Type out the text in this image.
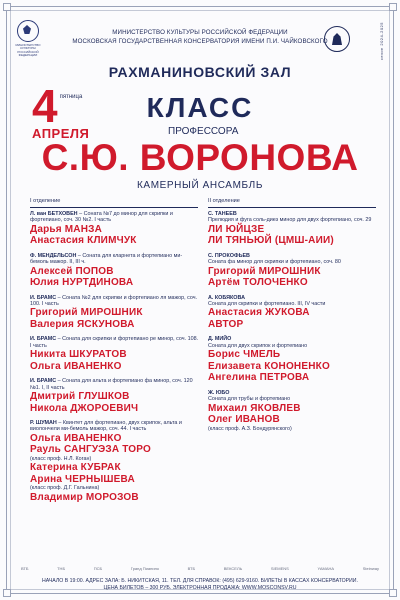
МИНИСТЕРСТВО КУЛЬТУРЫ РОССИЙСКОЙ ФЕДЕРАЦИИ
МИНИСТЕРСТВО КУЛЬТУРЫ РОССИЙСКОЙ ФЕДЕРАЦИИ
МОСКОВСКАЯ ГОСУДАРСТВЕННАЯ КОНСЕРВАТОРИЯ ИМЕНИ П.И. ЧАЙКОВСКОГО	сезон 2024-2025
РАХМАНИНОВСКИЙ ЗАЛ
4 пятница
АПРЕЛЯ
КЛАСС
ПРОФЕССОРА
С.Ю. ВОРОНОВА
КАМЕРНЫЙ АНСАМБЛЬ
I отделение
Л. ван БЕТХОВЕН – Соната №7 до минор для скрипки и фортепиано, соч. 30 №2. I часть
Дарья МАНЗА
Анастасия КЛИМЧУК
Ф. МЕНДЕЛЬСОН – Соната для кларнета и фортепиано ми-бемоль мажор. II, III ч.
Алексей ПОПОВ
Юлия НУРТДИНОВА
И. БРАМС – Соната №2 для скрипки и фортепиано ля мажор, соч. 100. I часть
Григорий МИРОШНИК
Валерия ЯСКУНОВА
И. БРАМС – Соната для скрипки и фортепиано ре минор, соч. 108. I часть
Никита ШКУРАТОВ
Ольга ИВАНЕНКО
И. БРАМС – Соната для альта и фортепиано фа минор, соч. 120 №1. I, II часть
Дмитрий ГЛУШКОВ
Никола ДЖОРОЕВИЧ
Р. ШУМАН – Квинтет для фортепиано, двух скрипок, альта и виолончели ми-бемоль мажор, соч. 44. I часть
Ольга ИВАНЕНКО
Рауль САНГУЭЗА ТОРО
(класс проф. Н.Л. Коган)
Катерина КУБРАК
Арина ЧЕРНЫШЕВА
(класс проф. Д.Г. Гальнина)
Владимир МОРОЗОВ
II отделение
С. ТАНЕЕВ
Прелюдия и фуга соль-диез минор для двух фортепиано, соч. 29
ЛИ ЮЙЦЗЕ
ЛИ ТЯНЬЮЙ (ЦМШ-АИИ)
С. ПРОКОФЬЕВ
Соната фа минор для скрипки и фортепиано, соч. 80
Григорий МИРОШНИК
Артём ТОЛОЧЕНКО
А. КОБЯКОВА
Соната для скрипки и фортепиано. III, IV части
Анастасия ЖУКОВА
АВТОР
Д. МИЙО
Соната для двух скрипок и фортепиано
Борис ЧМЕЛЬ
Елизавета КОНОНЕНКО
Ангелина ПЕТРОВА
Ж. ЮБО
Соната для трубы и фортепиано
Михаил ЯКОВЛЕВ
Олег ИВАНОВ
(класс проф. А.З. Бондурянского)
ВТБ	ТНБ	ПСБ	Гранд Пианино	ВТБ	ВЕКСЕЛЬ	SIEMENS	YAMAHA	Steinway
НАЧАЛО В 19:00. АДРЕС ЗАЛА: Б. НИКИТСКАЯ, 11. ТЕЛ. ДЛЯ СПРАВОК: (495) 629-9160. БИЛЕТЫ В КАССАХ КОНСЕРВАТОРИИ.
ЦЕНА БИЛЕТОВ – 300 РУБ. ЭЛЕКТРОННАЯ ПРОДАЖА: WWW.MOSCONSV.RU
